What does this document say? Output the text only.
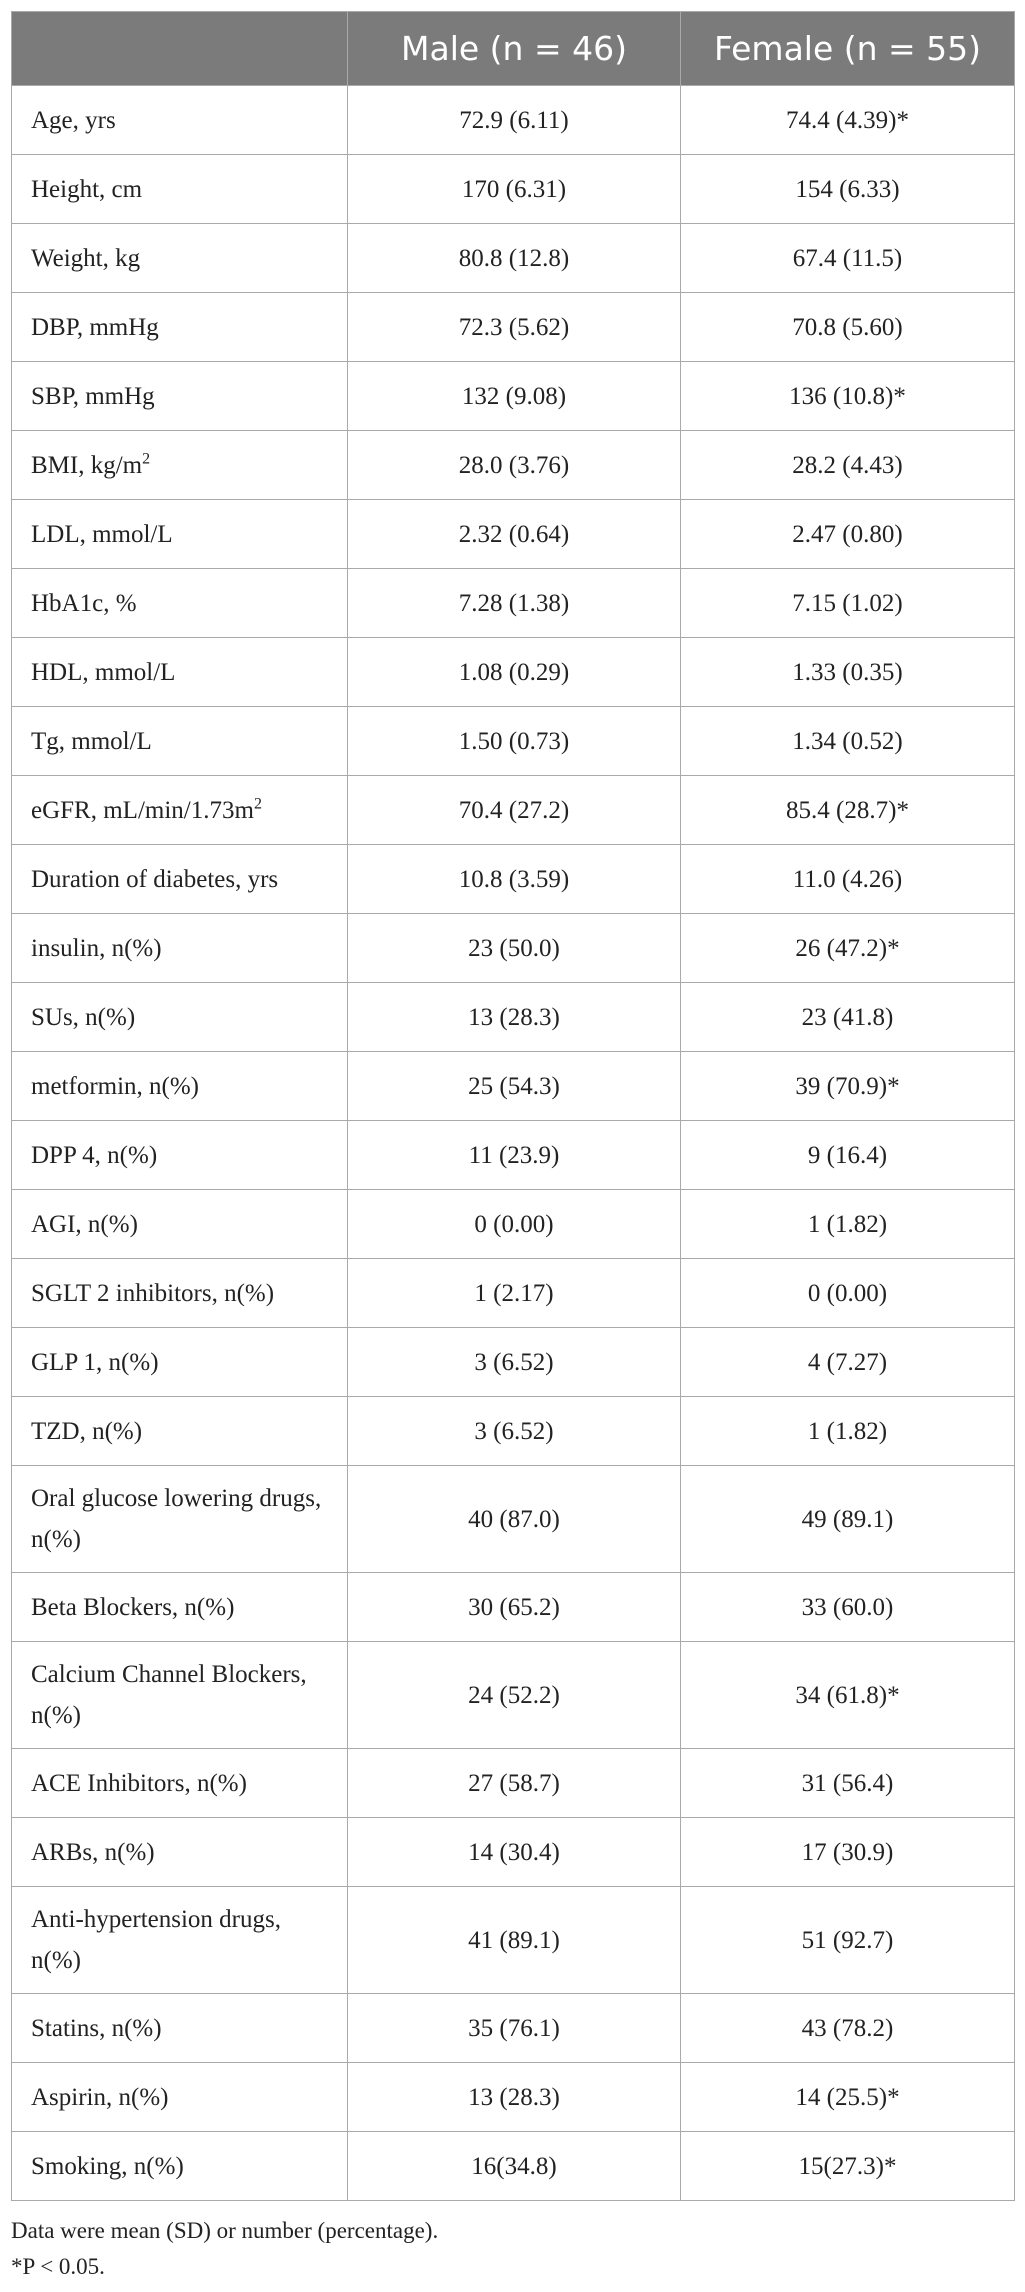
	Male (n = 46)	Female (n = 55)
Age, yrs	72.9 (6.11)	74.4 (4.39)*
Height, cm	170 (6.31)	154 (6.33)
Weight, kg	80.8 (12.8)	67.4 (11.5)
DBP, mmHg	72.3 (5.62)	70.8 (5.60)
SBP, mmHg	132 (9.08)	136 (10.8)*
BMI, $kg/m^2$	28.0 (3.76)	28.2 (4.43)
LDL, mmol/L	2.32 (0.64)	2.47 (0.80)
HbA1c, %	7.28 (1.38)	7.15 (1.02)
HDL, mmol/L	1.08 (0.29)	1.33 (0.35)
Tg, mmol/L	1.50 (0.73)	1.34 (0.52)
eGFR, $mL/\min/1.73m^2$	70.4 (27.2)	85.4 (28.7)*
Duration of diabetes, yrs	10.8 (3.59)	11.0 (4.26)
insulin, n(%)	23 (50.0)	26 (47.2)*
SUs, n(%)	13 (28.3)	23 (41.8)
metformin, n(%)	25 (54.3)	39 (70.9)*
DPP 4, n(%)	11 (23.9)	9 (16.4)
AGI, n(%)	0 (0.00)	1 (1.82)
SGLT 2 inhibitors, n(%)	1 (2.17)	0 (0.00)
GLP 1, n(%)	3 (6.52)	4 (7.27)
TZD, n(%)	3 (6.52)	1 (1.82)
Oral glucose lowering drugs, n(%)	40 (87.0)	49 (89.1)
Beta Blockers, n(%)	30 (65.2)	33 (60.0)
Calcium Channel Blockers, n(%)	24 (52.2)	34 (61.8)*
ACE Inhibitors, n(%)	27 (58.7)	31 (56.4)
ARBs, n(%)	14 (30.4)	17 (30.9)
Anti-hypertension drugs, n(%)	41 (89.1)	51 (92.7)
Statins, n(%)	35 (76.1)	43 (78.2)
Aspirin, n(%)	13 (28.3)	14 (25.5)*
Smoking, n(%)	16(34.8)	15(27.3)*
Data were mean (SD) or number (percentage).
*P < 0.05.
